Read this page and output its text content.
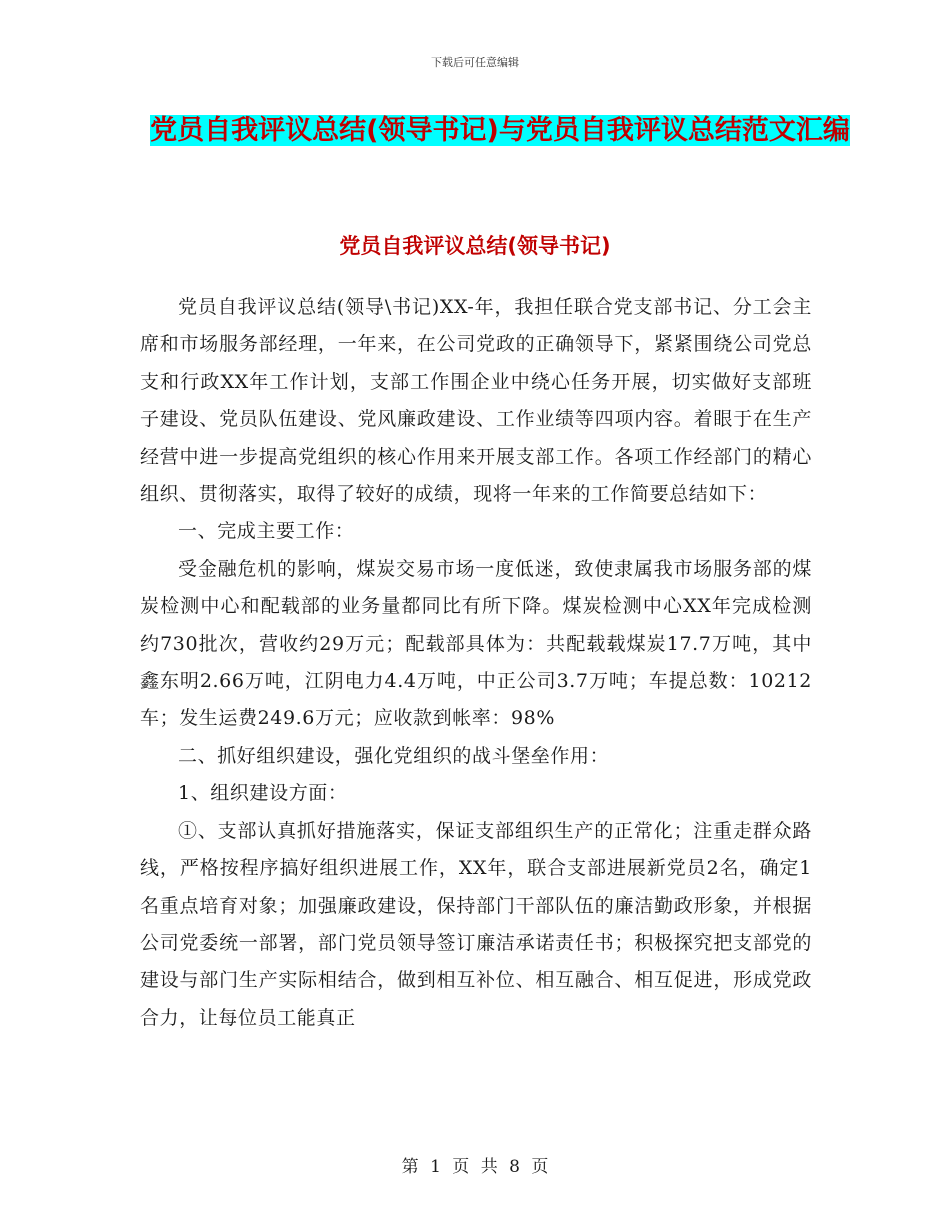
下载后可任意编辑
党员自我评议总结(领导书记)与党员自我评议总结范文汇编
党员自我评议总结(领导书记)

党员自我评议总结(领导\书记)XX-年，我担任联合党支部书记、分工会主席和市场服务部经理，一年来，在公司党政的正确领导下，紧紧围绕公司党总支和行政XX年工作计划，支部工作围企业中绕心任务开展，切实做好支部班子建设、党员队伍建设、党风廉政建设、工作业绩等四项内容。着眼于在生产经营中进一步提高党组织的核心作用来开展支部工作。各项工作经部门的精心组织、贯彻落实，取得了较好的成绩，现将一年来的工作简要总结如下：

一、完成主要工作：

受金融危机的影响，煤炭交易市场一度低迷，致使隶属我市场服务部的煤炭检测中心和配载部的业务量都同比有所下降。煤炭检测中心XX年完成检测约730批次，营收约29万元；配载部具体为：共配载载煤炭17.7万吨，其中鑫东明2.66万吨，江阴电力4.4万吨，中正公司3.7万吨；车提总数：10212车；发生运费249.6万元；应收款到帐率：98%

二、抓好组织建设，强化党组织的战斗堡垒作用：

1、组织建设方面：

①、支部认真抓好措施落实，保证支部组织生产的正常化；注重走群众路线，严格按程序搞好组织进展工作，XX年，联合支部进展新党员2名，确定1名重点培育对象；加强廉政建设，保持部门干部队伍的廉洁勤政形象，并根据公司党委统一部署，部门党员领导签订廉洁承诺责任书；积极探究把支部党的建设与部门生产实际相结合，做到相互补位、相互融合、相互促进，形成党政合力，让每位员工能真正

第 1 页 共 8 页
